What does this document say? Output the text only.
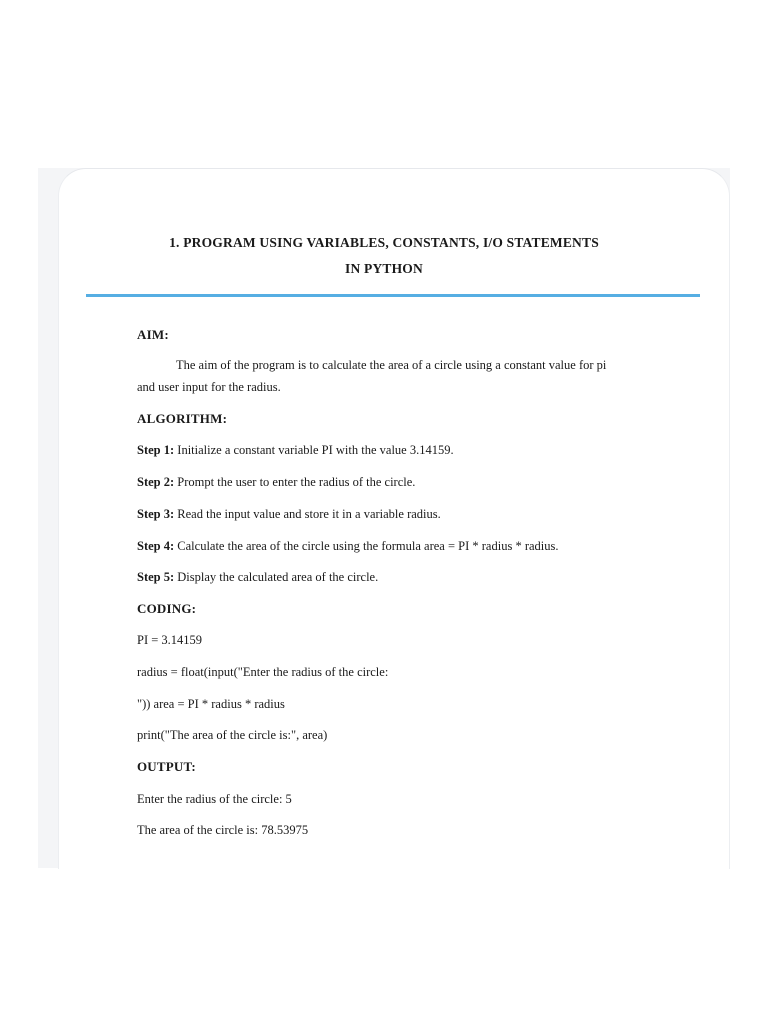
1. PROGRAM USING VARIABLES, CONSTANTS, I/O STATEMENTS
IN PYTHON

AIM:

The aim of the program is to calculate the area of a circle using a constant value for pi

and user input for the radius.

ALGORITHM:

Step 1: Initialize a constant variable PI with the value 3.14159.

Step 2: Prompt the user to enter the radius of the circle.

Step 3: Read the input value and store it in a variable radius.

Step 4: Calculate the area of the circle using the formula area = PI * radius * radius.

Step 5: Display the calculated area of the circle.

CODING:

PI = 3.14159

radius = float(input("Enter the radius of the circle:

")) area = PI * radius * radius

print("The area of the circle is:", area)

OUTPUT:

Enter the radius of the circle: 5

The area of the circle is: 78.53975
